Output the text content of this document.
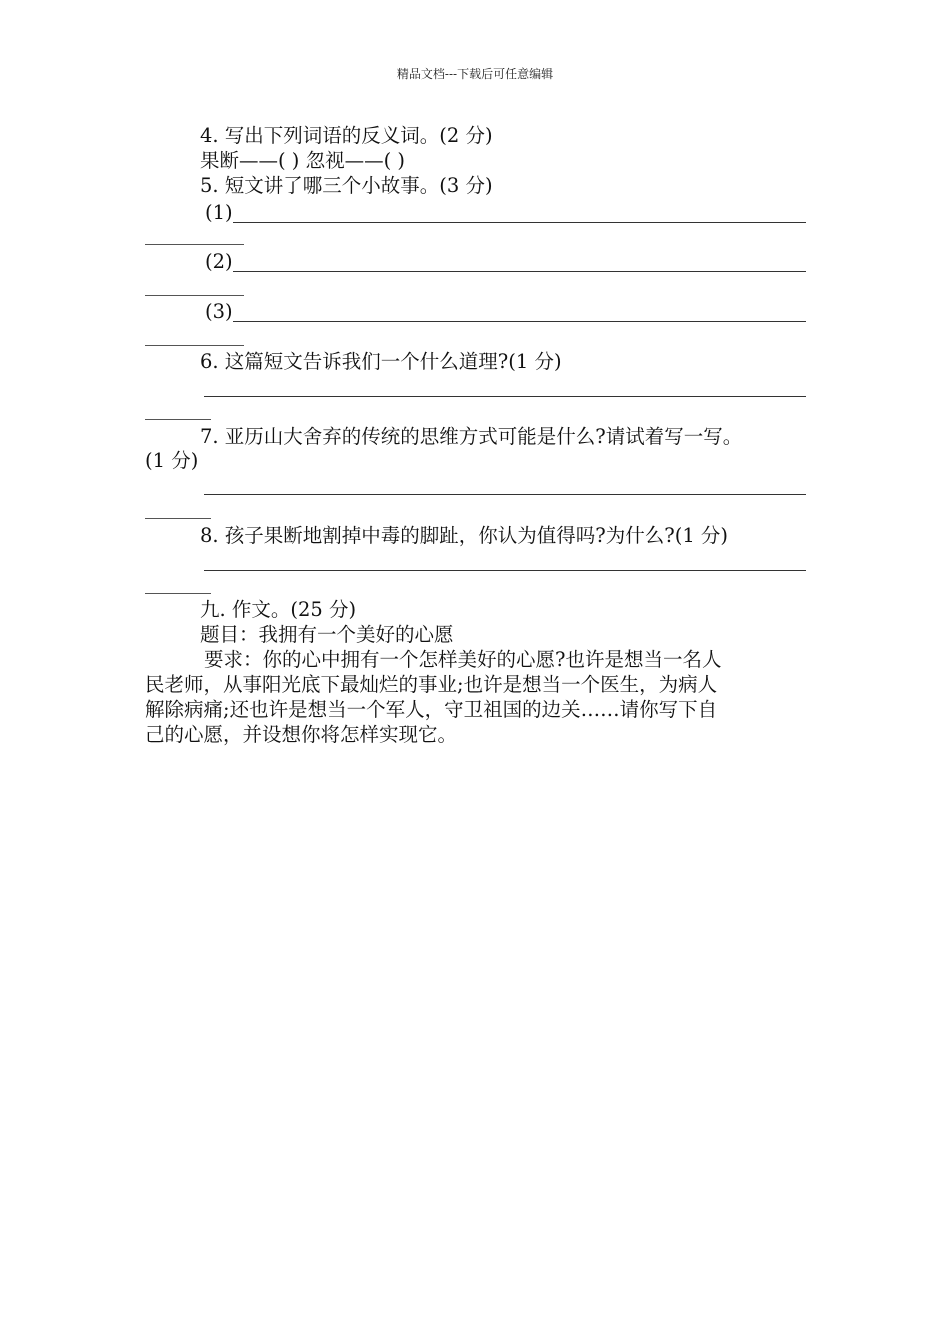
精品文档---下载后可任意编辑
4. 写出下列词语的反义词。(2 分)
果断——( ) 忽视——( )
5. 短文讲了哪三个小故事。(3 分)
(1)
(2)
(3)
6. 这篇短文告诉我们一个什么道理?(1 分)
7. 亚历山大舍弃的传统的思维方式可能是什么?请试着写一写。
(1 分)
8. 孩子果断地割掉中毒的脚趾，你认为值得吗?为什么?(1 分)
九. 作文。(25 分)
题目：我拥有一个美好的心愿
要求：你的心中拥有一个怎样美好的心愿?也许是想当一名人
民老师，从事阳光底下最灿烂的事业;也许是想当一个医生，为病人
解除病痛;还也许是想当一个军人，守卫祖国的边关……请你写下自
己的心愿，并设想你将怎样实现它。
